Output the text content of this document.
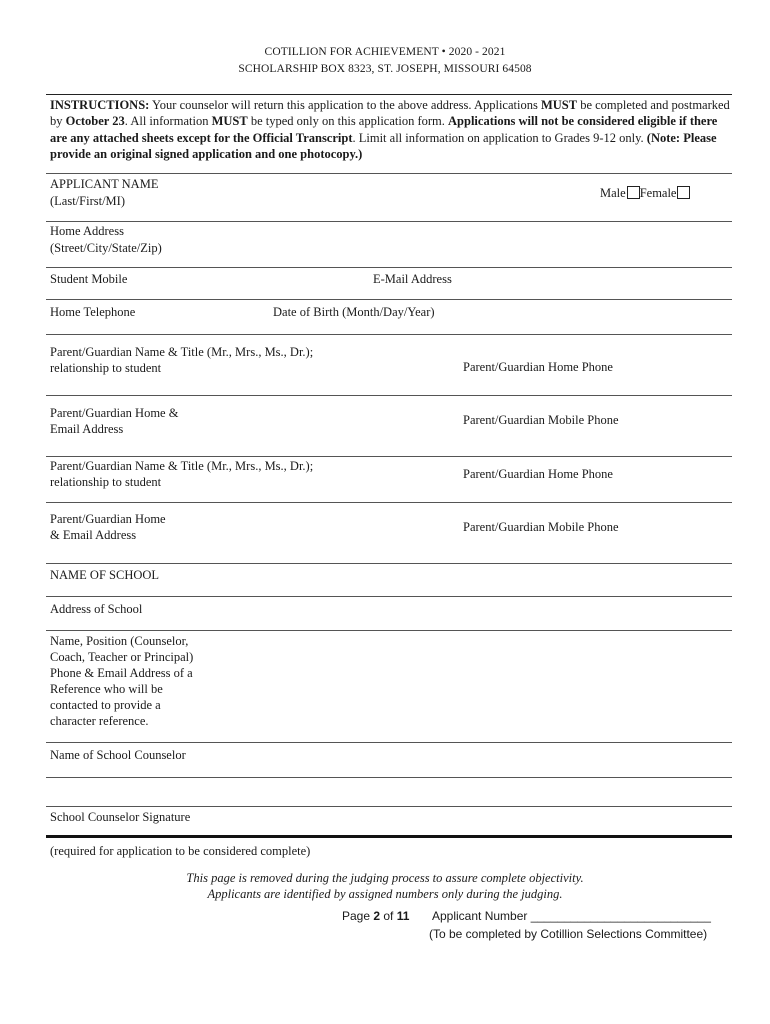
COTILLION FOR ACHIEVEMENT • 2020 - 2021
SCHOLARSHIP BOX 8323, ST. JOSEPH, MISSOURI 64508
INSTRUCTIONS: Your counselor will return this application to the above address. Applications MUST be completed and postmarked by October 23. All information MUST be typed only on this application form. Applications will not be considered eligible if there are any attached sheets except for the Official Transcript. Limit all information on application to Grades 9-12 only. (Note: Please provide an original signed application and one photocopy.)
APPLICANT NAME
(Last/First/MI)
Male Female
Home Address
(Street/City/State/Zip)
Student Mobile	E-Mail Address
Home Telephone	Date of Birth (Month/Day/Year)
Parent/Guardian Name & Title (Mr., Mrs., Ms., Dr.);
relationship to student	Parent/Guardian Home Phone
Parent/Guardian Home &
Email Address
Parent/Guardian Mobile Phone
Parent/Guardian Name & Title (Mr., Mrs., Ms., Dr.);
relationship to student
Parent/Guardian Home Phone
Parent/Guardian Home
& Email Address
Parent/Guardian Mobile Phone
NAME OF SCHOOL
Address of School
Name, Position (Counselor,
Coach, Teacher or Principal)
Phone & Email Address of a
Reference who will be
contacted to provide a
character reference.
Name of School Counselor
School Counselor Signature
(required for application to be considered complete)
This page is removed during the judging process to assure complete objectivity.
Applicants are identified by assigned numbers only during the judging.
Page 2 of 11 Applicant Number ___________________________
(To be completed by Cotillion Selections Committee)
